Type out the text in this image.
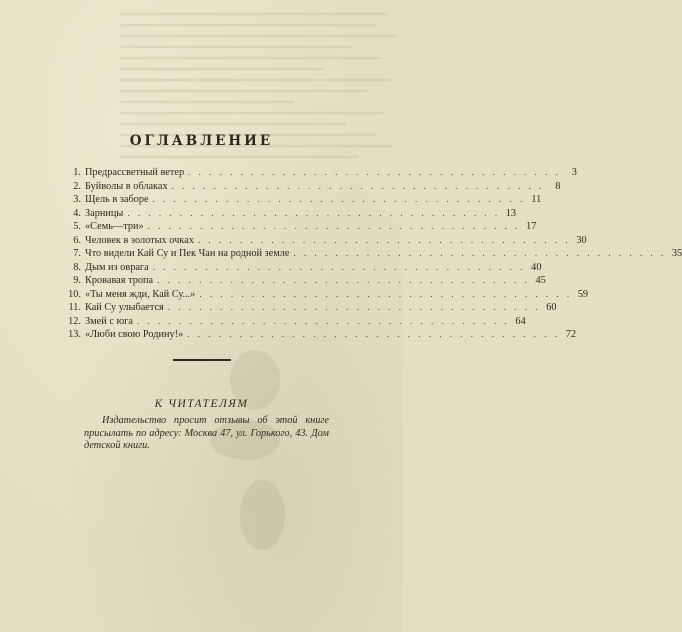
ОГЛАВЛЕНИЕ
1. Предрассветный ветер . . . . . . . . . . . . . . . . . . . . . . . . . . . . . . . . . . . .	3
2. Буйволы в облаках . . . . . . . . . . . . . . . . . . . . . . . . . . . . . . . . . . . .	8
3. Щель в заборе . . . . . . . . . . . . . . . . . . . . . . . . . . . . . . . . . . . . 11
4. Зарницы . . . . . . . . . . . . . . . . . . . . . . . . . . . . . . . . . . . . 13
5. «Семь—три» . . . . . . . . . . . . . . . . . . . . . . . . . . . . . . . . . . . . 17
6. Человек в золотых очках . . . . . . . . . . . . . . . . . . . . . . . . . . . . . . . . . . . . 30
7. Что видели Кай Су и Пек Чан на родной земле . . . . . . . . . . . . . . . . . . . . . . . . . . . . . . . . . . . . 35
8. Дым из оврага . . . . . . . . . . . . . . . . . . . . . . . . . . . . . . . . . . . . 40
9. Кровавая тропа . . . . . . . . . . . . . . . . . . . . . . . . . . . . . . . . . . . . 45
10. «Ты меня жди, Кай Су...» . . . . . . . . . . . . . . . . . . . . . . . . . . . . . . . . . . . . 59
11. Кай Су улыбается . . . . . . . . . . . . . . . . . . . . . . . . . . . . . . . . . . . . 60
12. Змей с юга . . . . . . . . . . . . . . . . . . . . . . . . . . . . . . . . . . . . 64
13. «Люби свою Родину!» . . . . . . . . . . . . . . . . . . . . . . . . . . . . . . . . . . . . 72
К ЧИТАТЕЛЯМ
Издательство просит отзывы об этой книге присылать по адресу: Москва 47, ул. Горького, 43. Дом детской книги.
